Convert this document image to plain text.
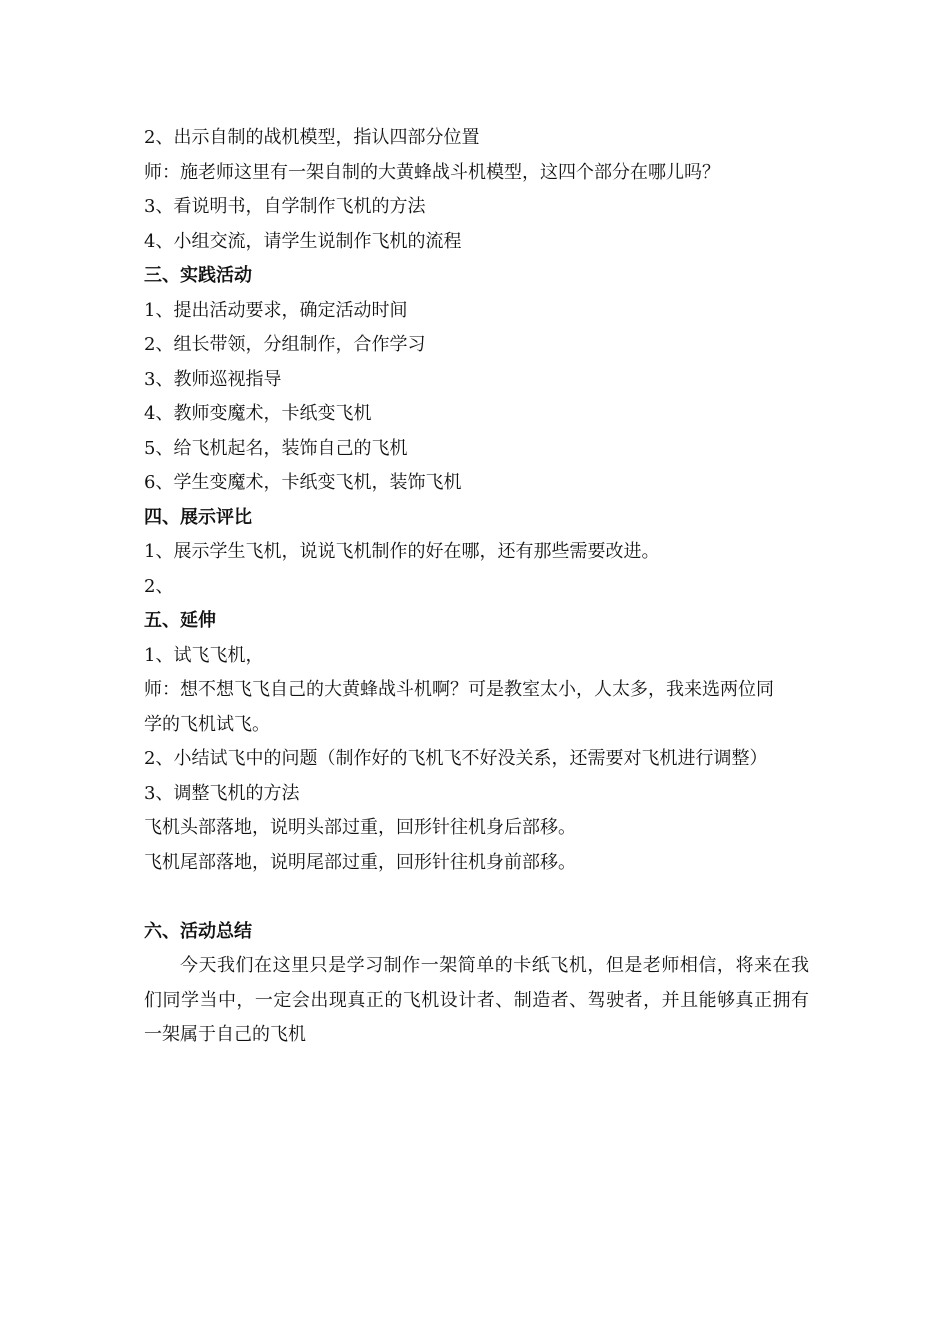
2、出示自制的战机模型，指认四部分位置
师：施老师这里有一架自制的大黄蜂战斗机模型，这四个部分在哪儿吗？
3、看说明书，自学制作飞机的方法
4、小组交流，请学生说制作飞机的流程
三、实践活动
1、提出活动要求，确定活动时间
2、组长带领，分组制作，合作学习
3、教师巡视指导
4、教师变魔术，卡纸变飞机
5、给飞机起名，装饰自己的飞机
6、学生变魔术，卡纸变飞机，装饰飞机
四、展示评比
1、展示学生飞机，说说飞机制作的好在哪，还有那些需要改进。
2、
五、延伸
1、试飞飞机，
师：想不想飞飞自己的大黄蜂战斗机啊？可是教室太小，人太多，我来选两位同
学的飞机试飞。
2、小结试飞中的问题（制作好的飞机飞不好没关系，还需要对飞机进行调整）
3、调整飞机的方法
飞机头部落地，说明头部过重，回形针往机身后部移。
飞机尾部落地，说明尾部过重，回形针往机身前部移。
六、活动总结
今天我们在这里只是学习制作一架简单的卡纸飞机，但是老师相信，将来在我们同学当中，一定会出现真正的飞机设计者、制造者、驾驶者，并且能够真正拥有一架属于自己的飞机
